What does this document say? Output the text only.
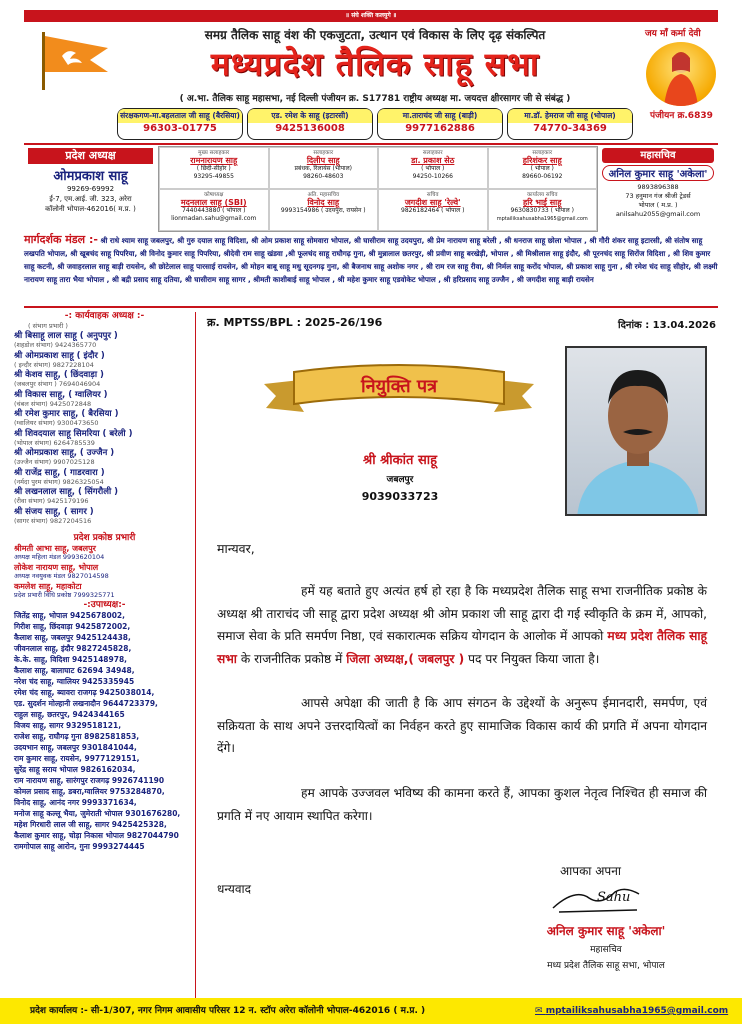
॥ संघे शक्ति कलयुगे ॥
समग्र तैलिक साहू वंश की एकजुटता, उत्थान एवं विकास के लिए दृढ़ संकल्पित
मध्यप्रदेश तैलिक साहू सभा
जय माँ कर्मा देवी
पंजीयन क्र.6839
( अ.भा. तैलिक साहू महासभा, नई दिल्ली पंजीयन क्र. S17781 राष्ट्रीय अध्यक्ष मा. जयदत्त क्षीरसागर जी से संबंद्ध )
संरक्षकगण-मा.बहलताल जी साहू (बैरसिया)
96303-01775
एड. रमेश के साहू (इटारसी)
9425136008
मा.ताराचंद जी साहू (बाड़ी)
9977162886
मा.डॉ. हेमराज जी साहू (भोपाल)
74770-34369
प्रदेश अध्यक्ष
ओमप्रकाश साहू
99269-69992
ई-7, एम.आई. जी. 323, अरेरा
कॉलोनी भोपाल-462016( म.प्र. )
मुख्य सलाहकार
रामनारायण साहू
( छिंदी-सीहोर )
93295-49855
सलाहकार
दिलीप साहू
प्रबंधक, रिलायंस (भोपाल)
98260-48603
सलाहकार
डा. प्रकाश सेठ
( भोपाल )
94250-10266
सलाहकार
हरिशंकर साहू
( भोपाल )
89660-06192
कोषाध्यक्ष
मदनलाल साहू (SBI)
7440443880 ( भोपाल )
lionmadan.sahu@gmail.com
अति. महासचिव
विनोद साहू
9993154986 ( उदयपुरा, रायसेन )
सचिव
जगदीश साहू 'रेल्वे'
9826182464 ( भोपाल )
कार्यालय सचिव
हरि भाई साहू
9630830733 ( भोपाल )
mptailiksahusabha1965@gmail.com
महासचिव
अनिल कुमार साहू 'अकेला'
9893896388
73 हनुमान गंज श्रीजी ट्रेडर्स
भोपाल ( म.प्र. )
anilsahu2055@gmail.com
मार्गदर्शक मंडल :- श्री राधे श्याम साहू जबलपुर, श्री गुरु दयाल साहू विदिशा, श्री ओम प्रकाश साहू सोमवारा भोपाल, श्री घासीराम साहू उदयपुरा, श्री प्रेम नारायण साहू बरेली , श्री धनराज साहू छोला भोपाल , श्री गौरी शंकर साहू इटारसी, श्री संतोष साहू लखपति भोपाल, श्री खूबचंद साहू पिपरिया, श्री विनोद कुमार साहू पिपरिया, श्रीदेवी राम साहू खंडवा ,श्री फूलचंद साहू राघौगढ़ गुना, श्री मुन्नालाल छतरपुर, श्री प्रवीण साहू बरखेड़ी, भोपाल , श्री मिश्रीलाल साहू इंदौर, श्री पूरनचंद साहू सिरोंज विदिशा , श्री शिव कुमार साहू कटनी, श्री जवाहरलाल साहू बाड़ी रायसेन, श्री छोटेलाल साहू पारसाई रायसेन, श्री मोहन बाबू साहू मधु सूदनगढ़ गुना, श्री बैजनाथ साहू अशोक नगर , श्री राम रज साहू रीवा, श्री निर्मल साहू करोंद भोपाल, श्री प्रकाश साहू गुना , श्री रमेश चंद साहू सीहोर, श्री लक्ष्मी नारायण साहू तारा भैया भोपाल , श्री बद्री प्रसाद साहू दतिया, श्री घासीराम साहू सागर , श्रीमती काशीबाई साहू भोपाल , श्री महेश कुमार साहू एडवोकेट भोपाल , श्री हरिप्रसाद साहू उज्जैन , श्री जगदीश साहू बाड़ी रायसेन
-: कार्यवाहक अध्यक्ष :-
( संभाग प्रभारी )
श्री बिसाहू लाल साहू ( अनुपपुर )
(शहडोल संभाग) 9424365770
श्री ओमप्रकाश साहू ( इंदौर )
( इन्दौर संभाग) 9827228104
श्री केशव साहू, ( छिंदवाड़ा )
(जबलपुर संभाग ) 7694046904
श्री विकास साहू, ( ग्वालियर )
(चंबल संभाग) 9425072848
श्री रमेश कुमार साहू, ( बैरसिया )
(ग्वालियर संभाग) 9300473650
श्री शिवदयाल साहू सिमरिया ( बरेली )
(भोपाल संभाग) 6264785539
श्री ओमप्रकाश साहू, ( उज्जैन )
(उज्जैन संभाग) 9907025128
श्री राजेंद्र साहू, ( गाडरवारा )
(नर्मदा पुरम संभाग) 9826325054
श्री लखनलाल साहू, ( सिंगरौली )
(रीवा संभाग) 9425179196
श्री संजय साहू, ( सागर )
(सागर संभाग) 9827204516
प्रदेश प्रकोष्ठ प्रभारी
श्रीमती आभा साहू, जबलपुर
अध्यक्ष महिला मंडल 9993620104
लोकेश नारायण साहू, भोपाल
अध्यक्ष नवयुवक मंडल 9827014598
कमलेश साहू, महाकोटा
प्रदेश प्रभारी विधि प्रकोष्ठ 7999325771
-:उपाध्यक्ष:-
जितेंद्र साहू, भोपाल 9425678002,
गिरीश साहू, छिंदवाड़ा 9425872002,
कैलाश साहू, जबलपुर 9425124438,
जीवनलाल साहू, इंदौर 9827245828,
के.के. साहू, विदिशा 9425148978,
कैलाश साहू, बालाघाट 62694 34948,
नरेश चंद साहू, ग्वालियर 9425335945
रमेश चंद साहू, ब्यावरा राजगढ़ 9425038014,
एड. सुदर्शन मोल्हानी लखनादौन 9644723379,
राहुल साहू, छतरपुर, 9424344165
विजय साहू, सागर 9329518121,
राजेश साहू, राघौगढ़ गुना 8982581853,
उदयभान साहू, जबलपुर 9301841044,
राम कुमार साहू, रायसेन, 9977129151,
सुरेंद्र साहू सराय भोपाल 9826162034,
राम नारायण साहू, सारंगपुर राजगढ़ 9926741190
कोमल प्रसाद साहू, डबरा,ग्वालियर 9753284870,
विनोद साहू, आनंद नगर 9993371634,
मनोज साहू कल्लू भैया, जुमेराती भोपाल 9301676280,
महेश गिरधारी लाल जी साहू, सागर 9425425328,
कैलाश कुमार साहू, चोड़ा निकास भोपाल 9827044790
रामगोपाल साहू आरोन, गुना 9993274445
क्र. MPTSS/BPL : 2025-26/196	दिनांक : 13.04.2026
नियुक्ति पत्र
श्री श्रीकांत साहू
जबलपुर
9039033723
मान्यवर,
हमें यह बताते हुए अत्यंत हर्ष हो रहा है कि मध्यप्रदेश तैलिक साहू सभा राजनीतिक प्रकोष्ठ के अध्यक्ष श्री ताराचंद जी साहू द्वारा प्रदेश अध्यक्ष श्री ओम प्रकाश जी साहू द्वारा दी गई स्वीकृति के क्रम में, आपको, समाज सेवा के प्रति समर्पण निष्ठा, एवं सकारात्मक सक्रिय योगदान के आलोक में आपको मध्य प्रदेश तैलिक साहू सभा के राजनीतिक प्रकोष्ठ में जिला अध्यक्ष,( जबलपुर ) पद पर नियुक्त किया जाता है।
आपसे अपेक्षा की जाती है कि आप संगठन के उद्देश्यों के अनुरूप ईमानदारी, समर्पण, एवं सक्रियता के साथ अपने उत्तरदायित्वों का निर्वहन करते हुए सामाजिक विकास कार्य की प्रगति में अपना योगदान देंगे।
हम आपके उज्जवल भविष्य की कामना करते हैं, आपका कुशल नेतृत्व निश्चित ही समाज की प्रगति में नए आयाम स्थापित करेगा।
धन्यवाद
आपका अपना
Sahu
अनिल कुमार साहू 'अकेला'
महासचिव
मध्य प्रदेश तैलिक साहू सभा, भोपाल
प्रदेश कार्यालय :- सी-1/307, नगर निगम आवासीय परिसर 12 न. स्टॉप अरेरा कॉलोनी भोपाल-462016 ( म.प्र. )	✉ mptailiksahusabha1965@gmail.com
